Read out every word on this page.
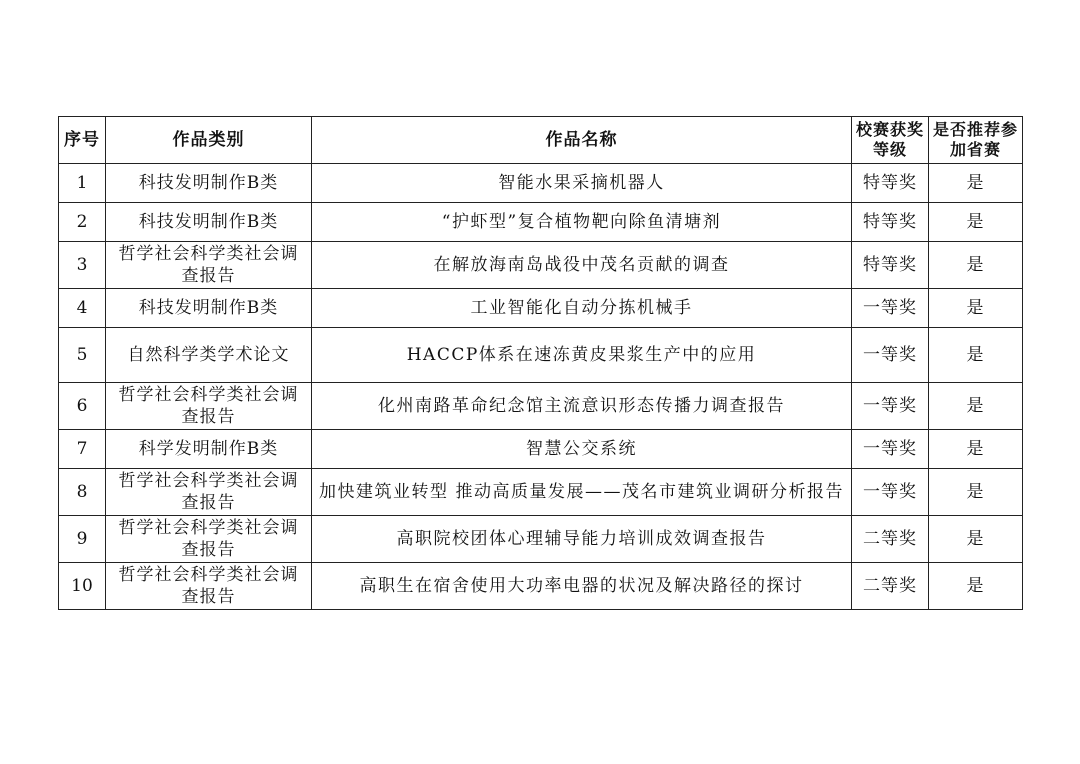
序号	作品类别	作品名称	校赛获奖等级	是否推荐参加省赛
1	科技发明制作B类	智能水果采摘机器人	特等奖	是
2	科技发明制作B类	“护虾型”复合植物靶向除鱼清塘剂	特等奖	是
3	哲学社会科学类社会调查报告	在解放海南岛战役中茂名贡献的调查	特等奖	是
4	科技发明制作B类	工业智能化自动分拣机械手	一等奖	是
5	自然科学类学术论文	HACCP体系在速冻黄皮果浆生产中的应用	一等奖	是
6	哲学社会科学类社会调查报告	化州南路革命纪念馆主流意识形态传播力调查报告	一等奖	是
7	科学发明制作B类	智慧公交系统	一等奖	是
8	哲学社会科学类社会调查报告	加快建筑业转型 推动高质量发展——茂名市建筑业调研分析报告	一等奖	是
9	哲学社会科学类社会调查报告	高职院校团体心理辅导能力培训成效调查报告	二等奖	是
10	哲学社会科学类社会调查报告	高职生在宿舍使用大功率电器的状况及解决路径的探讨	二等奖	是
